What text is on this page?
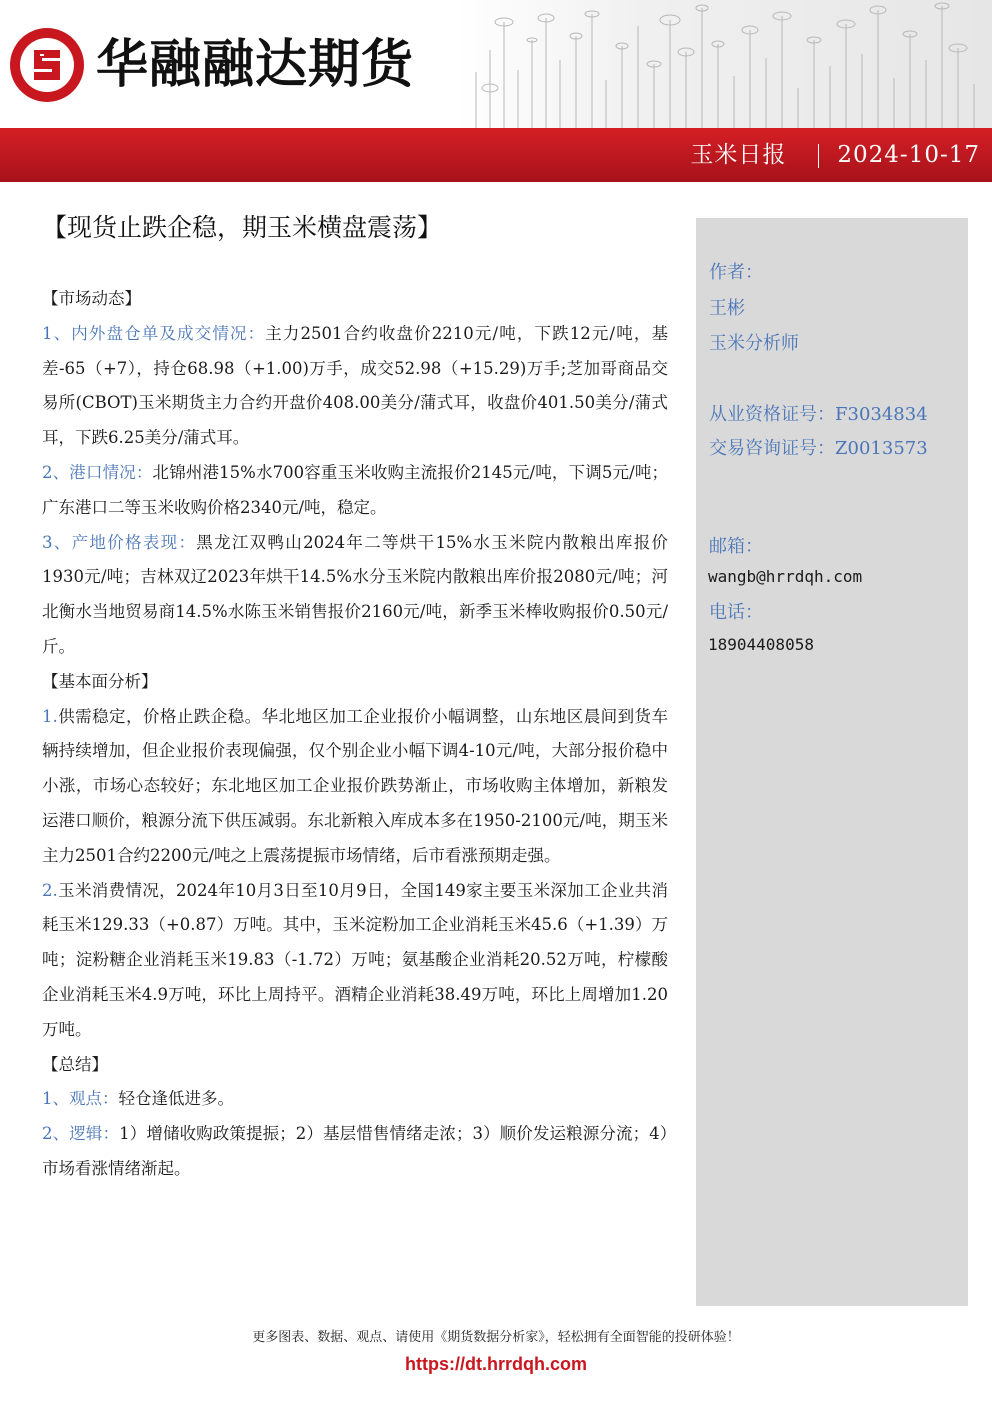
华融融达期货
玉米日报 2024-10-17
【现货止跌企稳，期玉米横盘震荡】

【市场动态】

1、内外盘仓单及成交情况：主力2501合约收盘价2210元/吨，下跌12元/吨，基差-65（+7），持仓68.98（+1.00)万手，成交52.98（+15.29)万手;芝加哥商品交易所(CBOT)玉米期货主力合约开盘价408.00美分/蒲式耳，收盘价401.50美分/蒲式耳，下跌6.25美分/蒲式耳。

2、港口情况：北锦州港15%水700容重玉米收购主流报价2145元/吨，下调5元/吨；广东港口二等玉米收购价格2340元/吨，稳定。

3、产地价格表现：黑龙江双鸭山2024年二等烘干15%水玉米院内散粮出库报价1930元/吨；吉林双辽2023年烘干14.5%水分玉米院内散粮出库价报2080元/吨；河北衡水当地贸易商14.5%水陈玉米销售报价2160元/吨，新季玉米棒收购报价0.50元/斤。

【基本面分析】

1.供需稳定，价格止跌企稳。华北地区加工企业报价小幅调整，山东地区晨间到货车辆持续增加，但企业报价表现偏强，仅个别企业小幅下调4-10元/吨，大部分报价稳中小涨，市场心态较好；东北地区加工企业报价跌势渐止，市场收购主体增加，新粮发运港口顺价，粮源分流下供压减弱。东北新粮入库成本多在1950-2100元/吨，期玉米主力2501合约2200元/吨之上震荡提振市场情绪，后市看涨预期走强。

2.玉米消费情况，2024年10月3日至10月9日，全国149家主要玉米深加工企业共消耗玉米129.33（+0.87）万吨。其中，玉米淀粉加工企业消耗玉米45.6（+1.39）万吨；淀粉糖企业消耗玉米19.83（-1.72）万吨；氨基酸企业消耗20.52万吨，柠檬酸企业消耗玉米4.9万吨，环比上周持平。酒精企业消耗38.49万吨，环比上周增加1.20万吨。

【总结】

1、观点：轻仓逢低进多。

2、逻辑：1）增储收购政策提振；2）基层惜售情绪走浓；3）顺价发运粮源分流；4）市场看涨情绪渐起。

作者：
王彬
玉米分析师
从业资格证号：F3034834
交易咨询证号：Z0013573
邮箱：
wangb@hrrdqh.com
电话：
18904408058
更多图表、数据、观点、请使用《期货数据分析家》，轻松拥有全面智能的投研体验！
https://dt.hrrdqh.com
